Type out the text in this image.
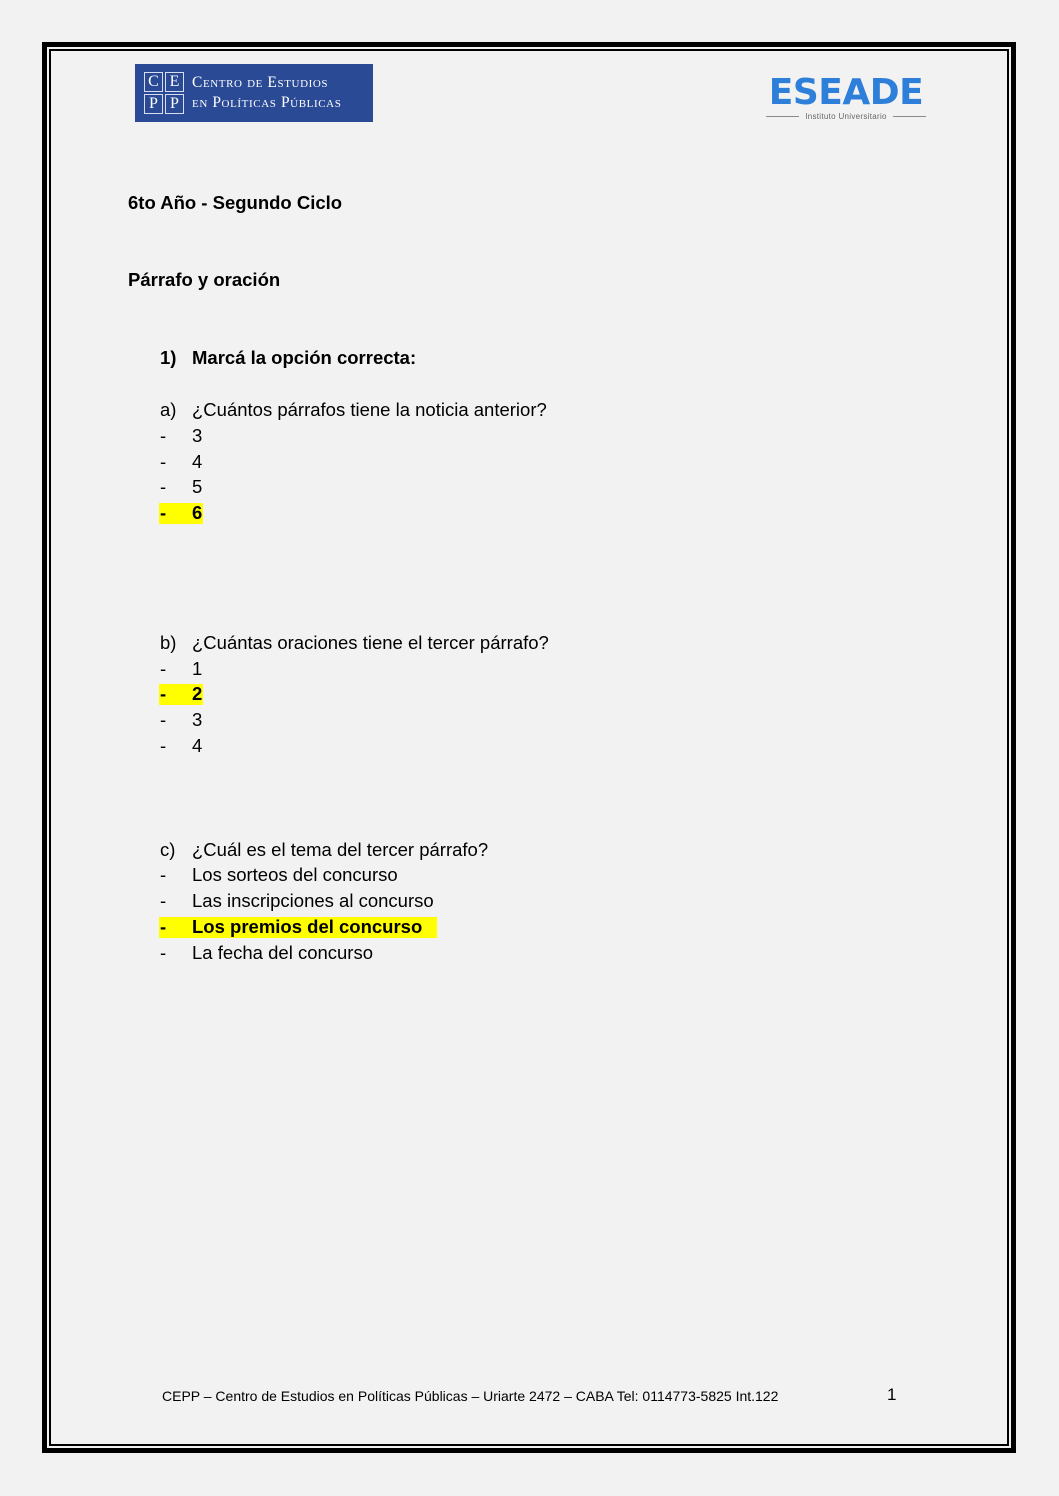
C E
P P
Centro de Estudios
en Políticas Públicas	ESEADE
Instituto Universitario
6to Año - Segundo Ciclo
Párrafo y oración
1) Marcá la opción correcta:
a) ¿Cuántos párrafos tiene la noticia anterior?
- 3
- 4
- 5
- 6
b) ¿Cuántas oraciones tiene el tercer párrafo?
- 1
- 2
- 3
- 4
c) ¿Cuál es el tema del tercer párrafo?
- Los sorteos del concurso
- Las inscripciones al concurso
- Los premios del concurso
- La fecha del concurso
CEPP – Centro de Estudios en Políticas Públicas – Uriarte 2472 – CABA Tel: 0114773-5825 Int.122	1
